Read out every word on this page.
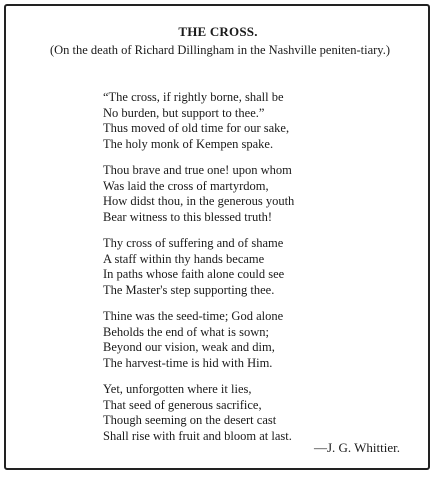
THE CROSS.
(On the death of Richard Dillingham in the Nashville peniten-tiary.)
“The cross, if rightly borne, shall be
No burden, but support to thee.”
Thus moved of old time for our sake,
The holy monk of Kempen spake.
Thou brave and true one! upon whom
Was laid the cross of martyrdom,
How didst thou, in the generous youth
Bear witness to this blessed truth!
Thy cross of suffering and of shame
A staff within thy hands became
In paths whose faith alone could see
The Master's step supporting thee.
Thine was the seed-time; God alone
Beholds the end of what is sown;
Beyond our vision, weak and dim,
The harvest-time is hid with Him.
Yet, unforgotten where it lies,
That seed of generous sacrifice,
Though seeming on the desert cast
Shall rise with fruit and bloom at last.
—J. G. Whittier.
